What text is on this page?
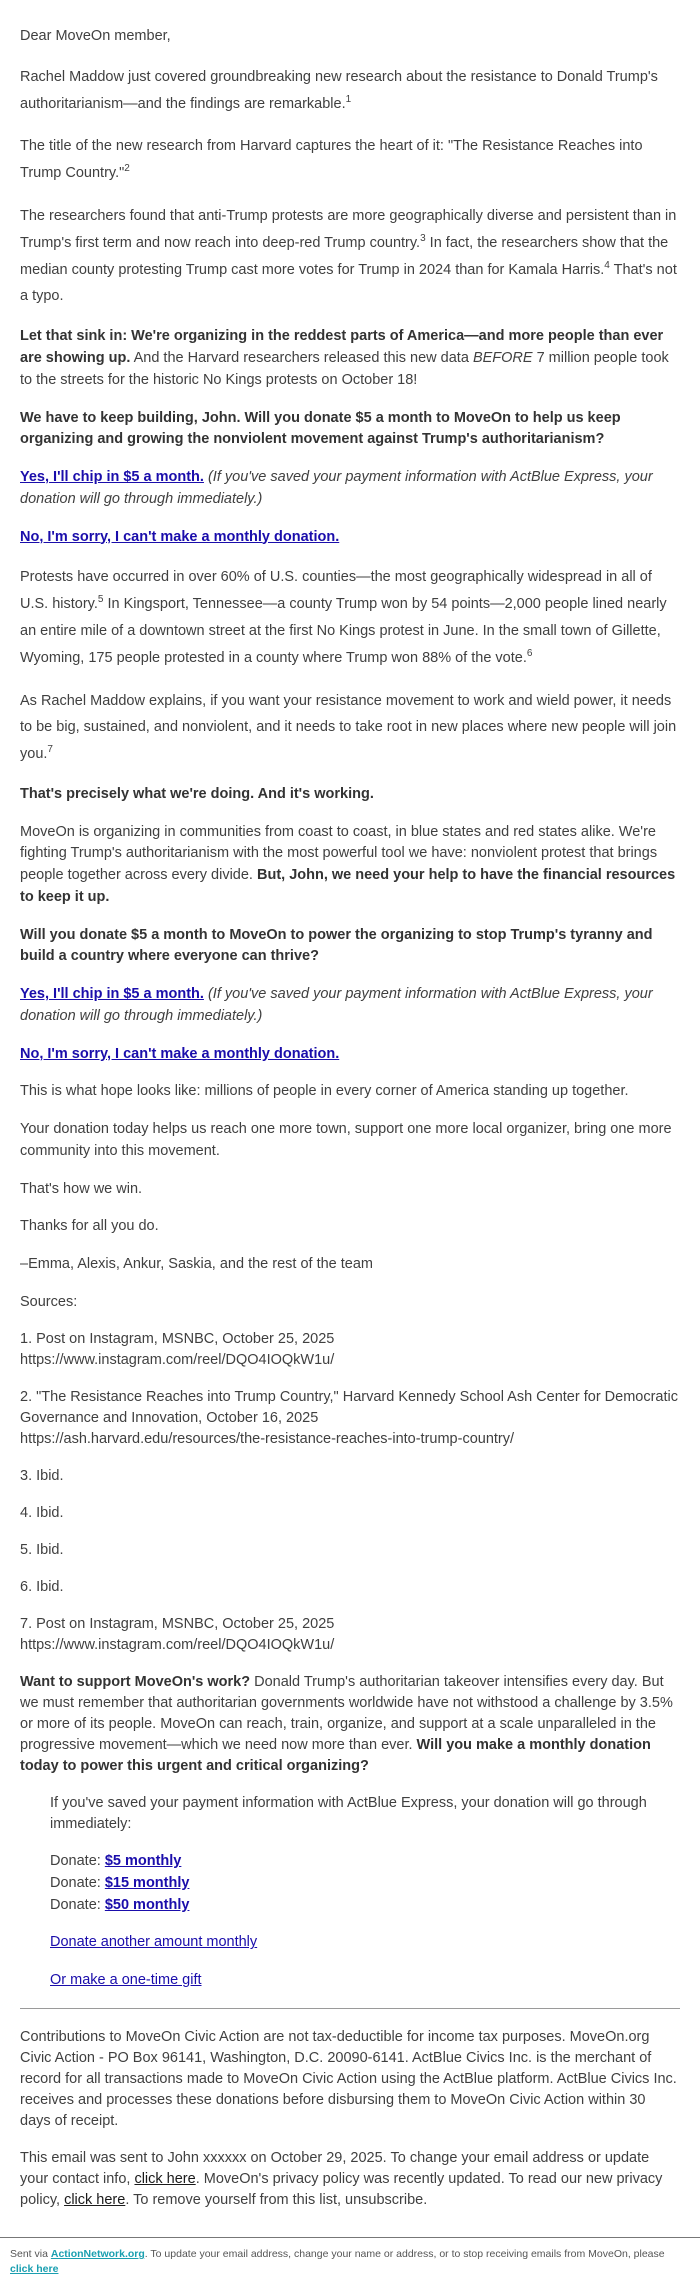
Dear MoveOn member,

Rachel Maddow just covered groundbreaking new research about the resistance to Donald Trump's authoritarianism—and the findings are remarkable.$^1$

The title of the new research from Harvard captures the heart of it: "The Resistance Reaches into Trump Country."$^2$

The researchers found that anti-Trump protests are more geographically diverse and persistent than in Trump's first term and now reach into deep-red Trump country.$^3$ In fact, the researchers show that the median county protesting Trump cast more votes for Trump in 2024 than for Kamala Harris.$^4$ That's not a typo.

Let that sink in: We're organizing in the reddest parts of America—and more people than ever are showing up. And the Harvard researchers released this new data BEFORE 7 million people took to the streets for the historic No Kings protests on October 18!

We have to keep building, John. Will you donate $5 a month to MoveOn to help us keep organizing and growing the nonviolent movement against Trump's authoritarianism?

Yes, I'll chip in $5 a month. (If you've saved your payment information with ActBlue Express, your donation will go through immediately.)

No, I'm sorry, I can't make a monthly donation.

Protests have occurred in over 60% of U.S. counties—the most geographically widespread in all of U.S. history.$^5$ In Kingsport, Tennessee—a county Trump won by 54 points—2,000 people lined nearly an entire mile of a downtown street at the first No Kings protest in June. In the small town of Gillette, Wyoming, 175 people protested in a county where Trump won 88% of the vote.$^6$

As Rachel Maddow explains, if you want your resistance movement to work and wield power, it needs to be big, sustained, and nonviolent, and it needs to take root in new places where new people will join you.$^7$

That's precisely what we're doing. And it's working.

MoveOn is organizing in communities from coast to coast, in blue states and red states alike. We're fighting Trump's authoritarianism with the most powerful tool we have: nonviolent protest that brings people together across every divide. But, John, we need your help to have the financial resources to keep it up.

Will you donate $5 a month to MoveOn to power the organizing to stop Trump's tyranny and build a country where everyone can thrive?

Yes, I'll chip in $5 a month. (If you've saved your payment information with ActBlue Express, your donation will go through immediately.)

No, I'm sorry, I can't make a monthly donation.

This is what hope looks like: millions of people in every corner of America standing up together.

Your donation today helps us reach one more town, support one more local organizer, bring one more community into this movement.

That's how we win.

Thanks for all you do.

–Emma, Alexis, Ankur, Saskia, and the rest of the team

Sources:

1. Post on Instagram, MSNBC, October 25, 2025
https://www.instagram.com/reel/DQO4IOQkW1u/

2. "The Resistance Reaches into Trump Country," Harvard Kennedy School Ash Center for Democratic Governance and Innovation, October 16, 2025
https://ash.harvard.edu/resources/the-resistance-reaches-into-trump-country/

3. Ibid.

4. Ibid.

5. Ibid.

6. Ibid.

7. Post on Instagram, MSNBC, October 25, 2025
https://www.instagram.com/reel/DQO4IOQkW1u/

Want to support MoveOn's work? Donald Trump's authoritarian takeover intensifies every day. But we must remember that authoritarian governments worldwide have not withstood a challenge by 3.5% or more of its people. MoveOn can reach, train, organize, and support at a scale unparalleled in the progressive movement—which we need now more than ever. Will you make a monthly donation today to power this urgent and critical organizing?

If you've saved your payment information with ActBlue Express, your donation will go through immediately:

Donate: $5 monthly
Donate: $15 monthly
Donate: $50 monthly

Donate another amount monthly

Or make a one-time gift

Contributions to MoveOn Civic Action are not tax-deductible for income tax purposes. MoveOn.org Civic Action - PO Box 96141, Washington, D.C. 20090-6141. ActBlue Civics Inc. is the merchant of record for all transactions made to MoveOn Civic Action using the ActBlue platform. ActBlue Civics Inc. receives and processes these donations before disbursing them to MoveOn Civic Action within 30 days of receipt.

This email was sent to John xxxxxx on October 29, 2025. To change your email address or update your contact info, click here. MoveOn's privacy policy was recently updated. To read our new privacy policy, click here. To remove yourself from this list, unsubscribe.

Sent via ActionNetwork.org. To update your email address, change your name or address, or to stop receiving emails from MoveOn, please click here
